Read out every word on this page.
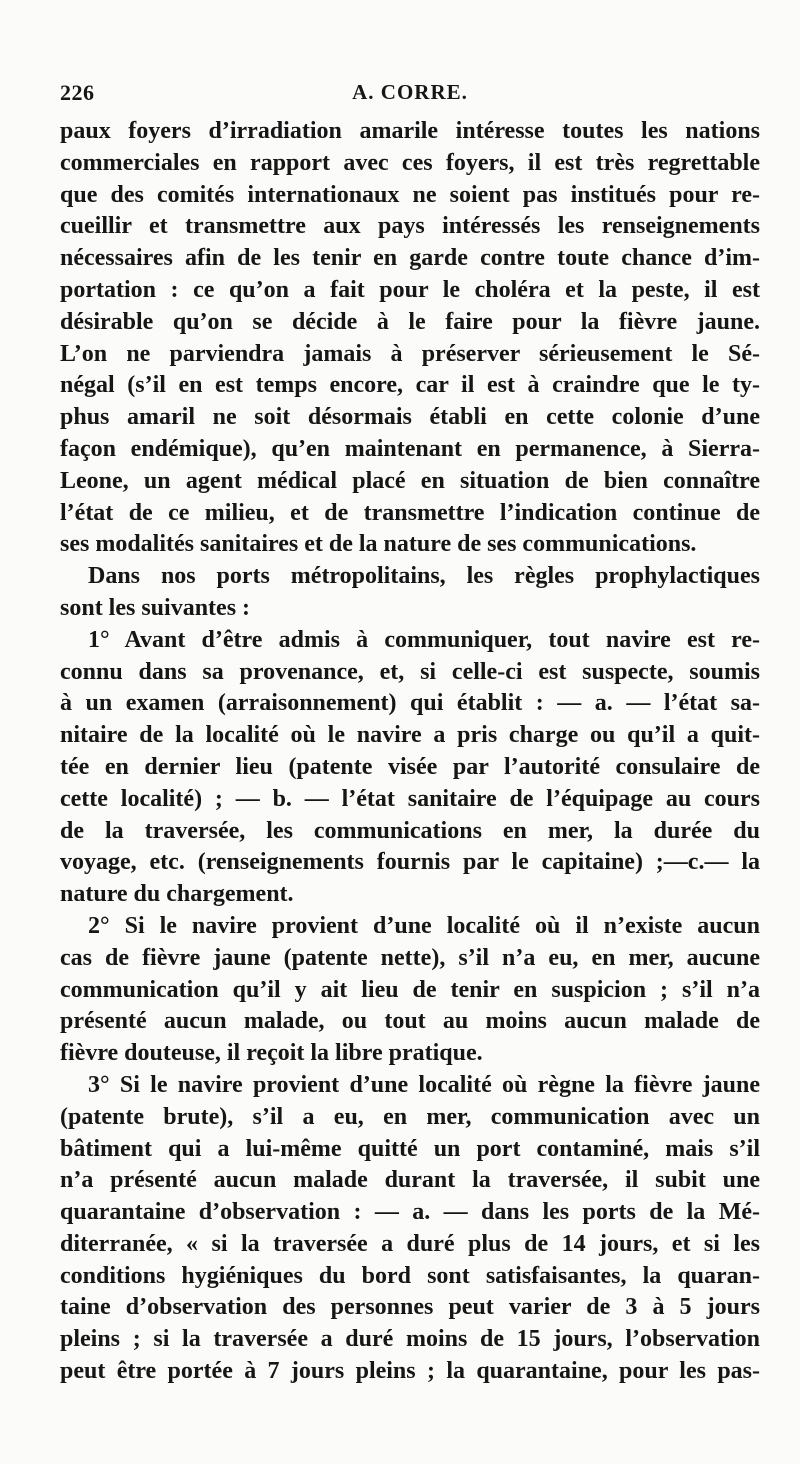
226	A. CORRE.
paux foyers d’irradiation amarile intéresse toutes les nations
commerciales en rapport avec ces foyers, il est très regrettable
que des comités internationaux ne soient pas institués pour re-
cueillir et transmettre aux pays intéressés les renseignements
nécessaires afin de les tenir en garde contre toute chance d’im-
portation : ce qu’on a fait pour le choléra et la peste, il est
désirable qu’on se décide à le faire pour la fièvre jaune.
L’on ne parviendra jamais à préserver sérieusement le Sé-
négal (s’il en est temps encore, car il est à craindre que le ty-
phus amaril ne soit désormais établi en cette colonie d’une
façon endémique), qu’en maintenant en permanence, à Sierra-
Leone, un agent médical placé en situation de bien connaître
l’état de ce milieu, et de transmettre l’indication continue de
ses modalités sanitaires et de la nature de ses communications.
Dans nos ports métropolitains, les règles prophylactiques
sont les suivantes :
1° Avant d’être admis à communiquer, tout navire est re-
connu dans sa provenance, et, si celle-ci est suspecte, soumis
à un examen (arraisonnement) qui établit : — a. — l’état sa-
nitaire de la localité où le navire a pris charge ou qu’il a quit-
tée en dernier lieu (patente visée par l’autorité consulaire de
cette localité) ; — b. — l’état sanitaire de l’équipage au cours
de la traversée, les communications en mer, la durée du
voyage, etc. (renseignements fournis par le capitaine) ;—c.— la
nature du chargement.
2° Si le navire provient d’une localité où il n’existe aucun
cas de fièvre jaune (patente nette), s’il n’a eu, en mer, aucune
communication qu’il y ait lieu de tenir en suspicion ; s’il n’a
présenté aucun malade, ou tout au moins aucun malade de
fièvre douteuse, il reçoit la libre pratique.
3° Si le navire provient d’une localité où règne la fièvre jaune
(patente brute), s’il a eu, en mer, communication avec un
bâtiment qui a lui-même quitté un port contaminé, mais s’il
n’a présenté aucun malade durant la traversée, il subit une
quarantaine d’observation : — a. — dans les ports de la Mé-
diterranée, « si la traversée a duré plus de 14 jours, et si les
conditions hygiéniques du bord sont satisfaisantes, la quaran-
taine d’observation des personnes peut varier de 3 à 5 jours
pleins ; si la traversée a duré moins de 15 jours, l’observation
peut être portée à 7 jours pleins ; la quarantaine, pour les pas-
